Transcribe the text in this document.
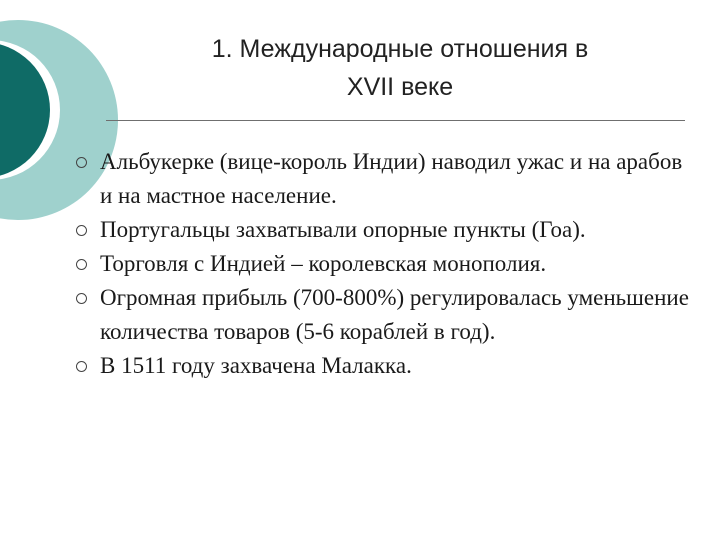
1. Международные отношения в
XVII веке
Альбукерке (вице-король Индии) наводил ужас и на арабов и на мастное население.
Португальцы захватывали опорные пункты (Гоа).
Торговля с Индией – королевская монополия.
Огромная прибыль (700-800%) регулировалась уменьшение количества товаров (5-6 кораблей в год).
В 1511 году захвачена Малакка.
